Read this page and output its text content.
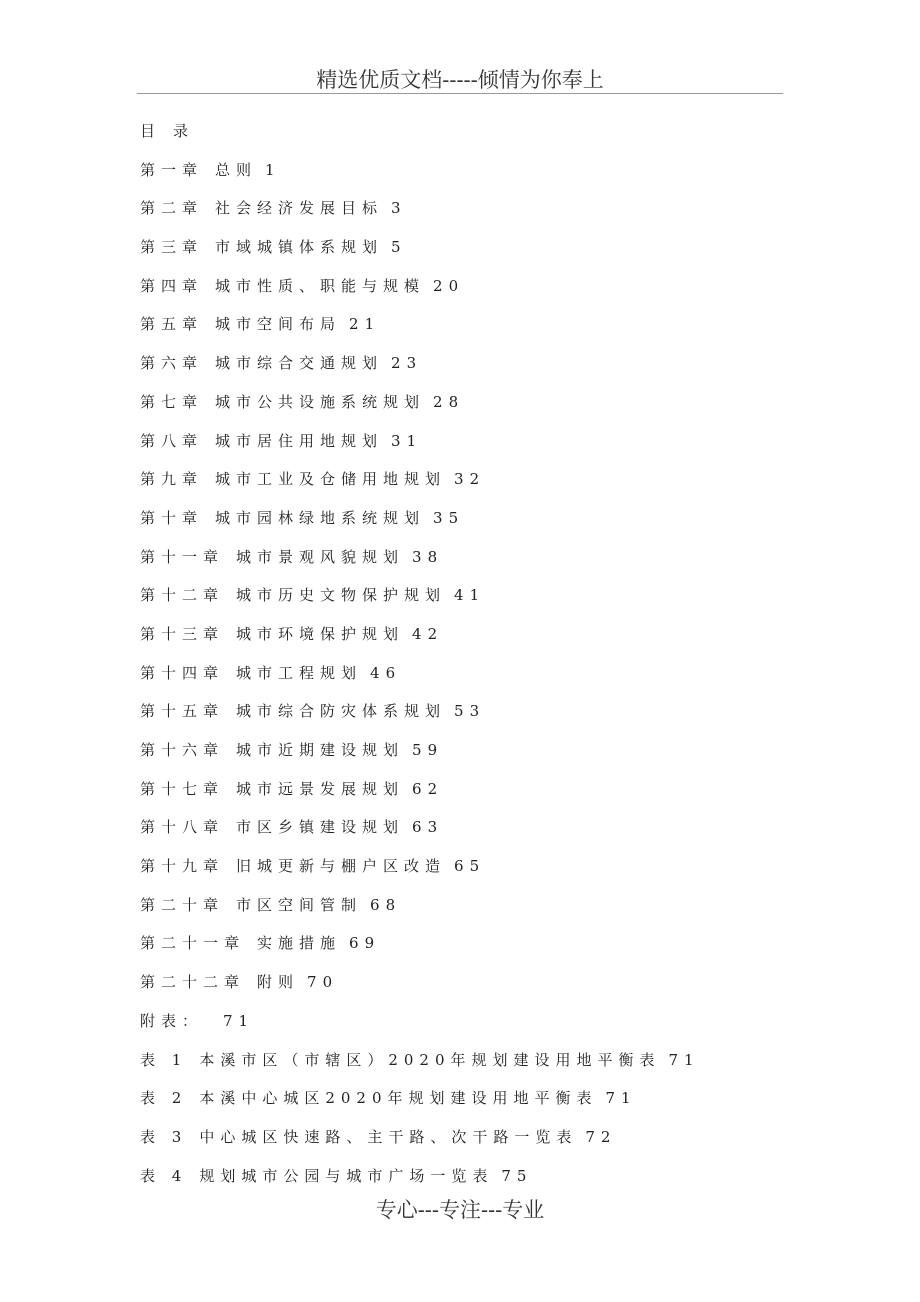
精选优质文档-----倾情为你奉上
目 录
第一章 总则 1
第二章 社会经济发展目标 3
第三章 市域城镇体系规划 5
第四章 城市性质、职能与规模 20
第五章 城市空间布局 21
第六章 城市综合交通规划 23
第七章 城市公共设施系统规划 28
第八章 城市居住用地规划 31
第九章 城市工业及仓储用地规划 32
第十章 城市园林绿地系统规划 35
第十一章 城市景观风貌规划 38
第十二章 城市历史文物保护规划 41
第十三章 城市环境保护规划 42
第十四章 城市工程规划 46
第十五章 城市综合防灾体系规划 53
第十六章 城市近期建设规划 59
第十七章 城市远景发展规划 62
第十八章 市区乡镇建设规划 63
第十九章 旧城更新与棚户区改造 65
第二十章 市区空间管制 68
第二十一章 实施措施 69
第二十二章 附则 70
附表： 71
表 1 本溪市区（市辖区）2020年规划建设用地平衡表 71
表 2 本溪中心城区2020年规划建设用地平衡表 71
表 3 中心城区快速路、主干路、次干路一览表 72
表 4 规划城市公园与城市广场一览表 75
专心---专注---专业
